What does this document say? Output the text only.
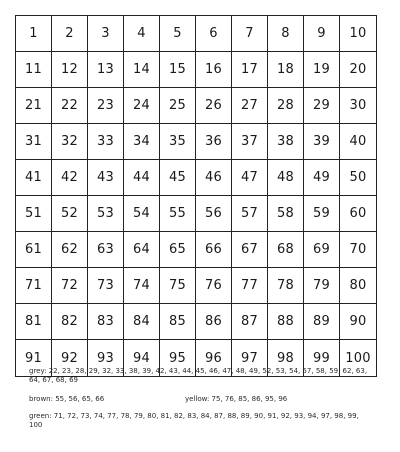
1	2	3	4	5	6	7	8	9	10
11	12	13	14	15	16	17	18	19	20
21	22	23	24	25	26	27	28	29	30
31	32	33	34	35	36	37	38	39	40
41	42	43	44	45	46	47	48	49	50
51	52	53	54	55	56	57	58	59	60
61	62	63	64	65	66	67	68	69	70
71	72	73	74	75	76	77	78	79	80
81	82	83	84	85	86	87	88	89	90
91	92	93	94	95	96	97	98	99	100

grey: 22, 23, 28, 29, 32, 33, 38, 39, 42, 43, 44, 45, 46, 47, 48, 49, 52, 53, 54, 57, 58, 59, 62, 63, 64, 67, 68, 69

brown: 55, 56, 65, 66	yellow: 75, 76, 85, 86, 95, 96

green: 71, 72, 73, 74, 77, 78, 79, 80, 81, 82, 83, 84, 87, 88, 89, 90, 91, 92, 93, 94, 97, 98, 99, 100
